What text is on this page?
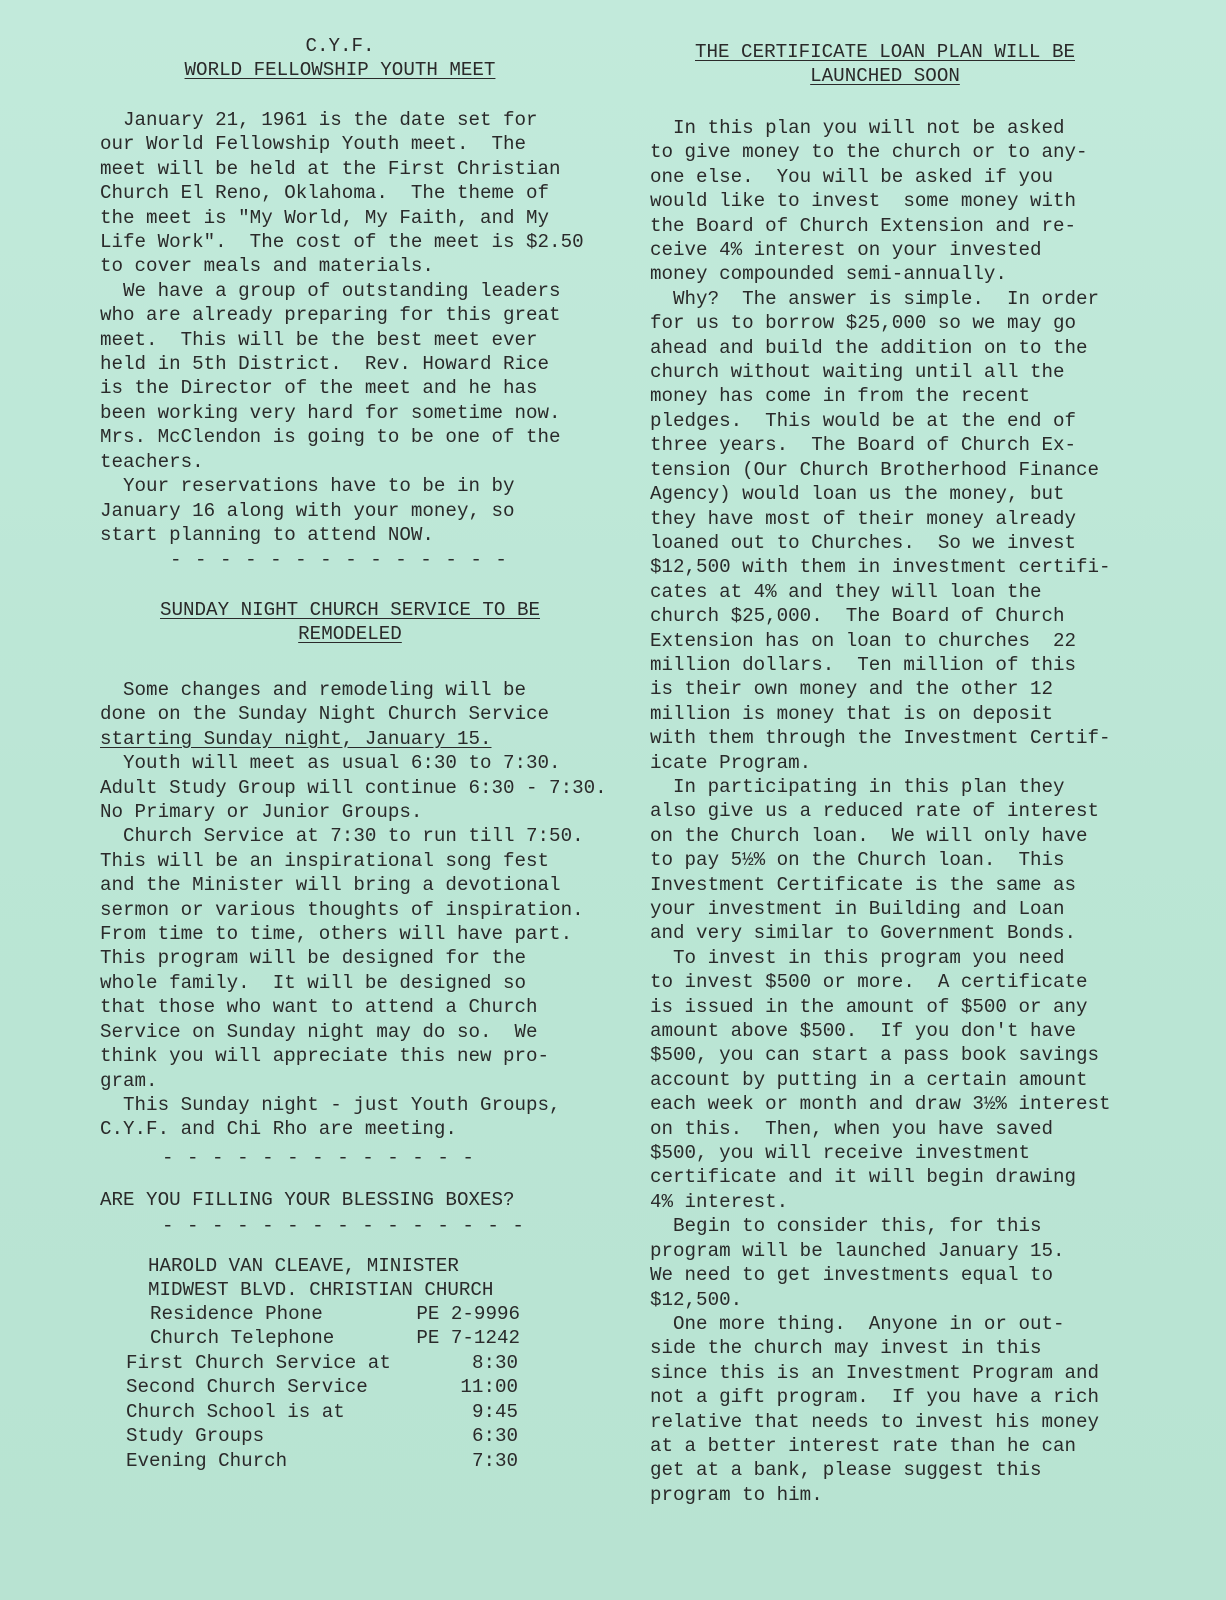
C.Y.F.
WORLD FELLOWSHIP YOUTH MEET
January 21, 1961 is the date set for
our World Fellowship Youth meet.  The
meet will be held at the First Christian
Church El Reno, Oklahoma.  The theme of
the meet is "My World, My Faith, and My
Life Work".  The cost of the meet is $2.50
to cover meals and materials.
We have a group of outstanding leaders
who are already preparing for this great
meet.  This will be the best meet ever
held in 5th District.  Rev. Howard Rice
is the Director of the meet and he has
been working very hard for sometime now.
Mrs. McClendon is going to be one of the
teachers.
Your reservations have to be in by
January 16 along with your money, so
start planning to attend NOW.
- - - - - - - - - - - - - -
SUNDAY NIGHT CHURCH SERVICE TO BE
REMODELED
Some changes and remodeling will be
done on the Sunday Night Church Service
starting Sunday night, January 15.
Youth will meet as usual 6:30 to 7:30.
Adult Study Group will continue 6:30 - 7:30.
No Primary or Junior Groups.
Church Service at 7:30 to run till 7:50.
This will be an inspirational song fest
and the Minister will bring a devotional
sermon or various thoughts of inspiration.
From time to time, others will have part.
This program will be designed for the
whole family.  It will be designed so
that those who want to attend a Church
Service on Sunday night may do so.  We
think you will appreciate this new pro-
gram.
This Sunday night - just Youth Groups,
C.Y.F. and Chi Rho are meeting.
- - - - - - - - - - - - -
ARE YOU FILLING YOUR BLESSING BOXES?
- - - - - - - - - - - - - - -
HAROLD VAN CLEAVE, MINISTER
MIDWEST BLVD. CHRISTIAN CHURCH
Residence Phone	PE 2-9996
Church Telephone	PE 7-1242
First Church Service at	8:30
Second Church Service	11:00
Church School is at	9:45
Study Groups	6:30
Evening Church	7:30
THE CERTIFICATE LOAN PLAN WILL BE
LAUNCHED SOON
In this plan you will not be asked
to give money to the church or to any-
one else.  You will be asked if you
would like to invest  some money with
the Board of Church Extension and re-
ceive 4% interest on your invested
money compounded semi-annually.
Why?  The answer is simple.  In order
for us to borrow $25,000 so we may go
ahead and build the addition on to the
church without waiting until all the
money has come in from the recent
pledges.  This would be at the end of
three years.  The Board of Church Ex-
tension (Our Church Brotherhood Finance
Agency) would loan us the money, but
they have most of their money already
loaned out to Churches.  So we invest
$12,500 with them in investment certifi-
cates at 4% and they will loan the
church $25,000.  The Board of Church
Extension has on loan to churches  22
million dollars.  Ten million of this
is their own money and the other 12
million is money that is on deposit
with them through the Investment Certif-
icate Program.
In participating in this plan they
also give us a reduced rate of interest
on the Church loan.  We will only have
to pay 5½% on the Church loan.  This
Investment Certificate is the same as
your investment in Building and Loan
and very similar to Government Bonds.
To invest in this program you need
to invest $500 or more.  A certificate
is issued in the amount of $500 or any
amount above $500.  If you don't have
$500, you can start a pass book savings
account by putting in a certain amount
each week or month and draw 3½% interest
on this.  Then, when you have saved
$500, you will receive investment
certificate and it will begin drawing
4% interest.
Begin to consider this, for this
program will be launched January 15.
We need to get investments equal to
$12,500.
One more thing.  Anyone in or out-
side the church may invest in this
since this is an Investment Program and
not a gift program.  If you have a rich
relative that needs to invest his money
at a better interest rate than he can
get at a bank, please suggest this
program to him.
